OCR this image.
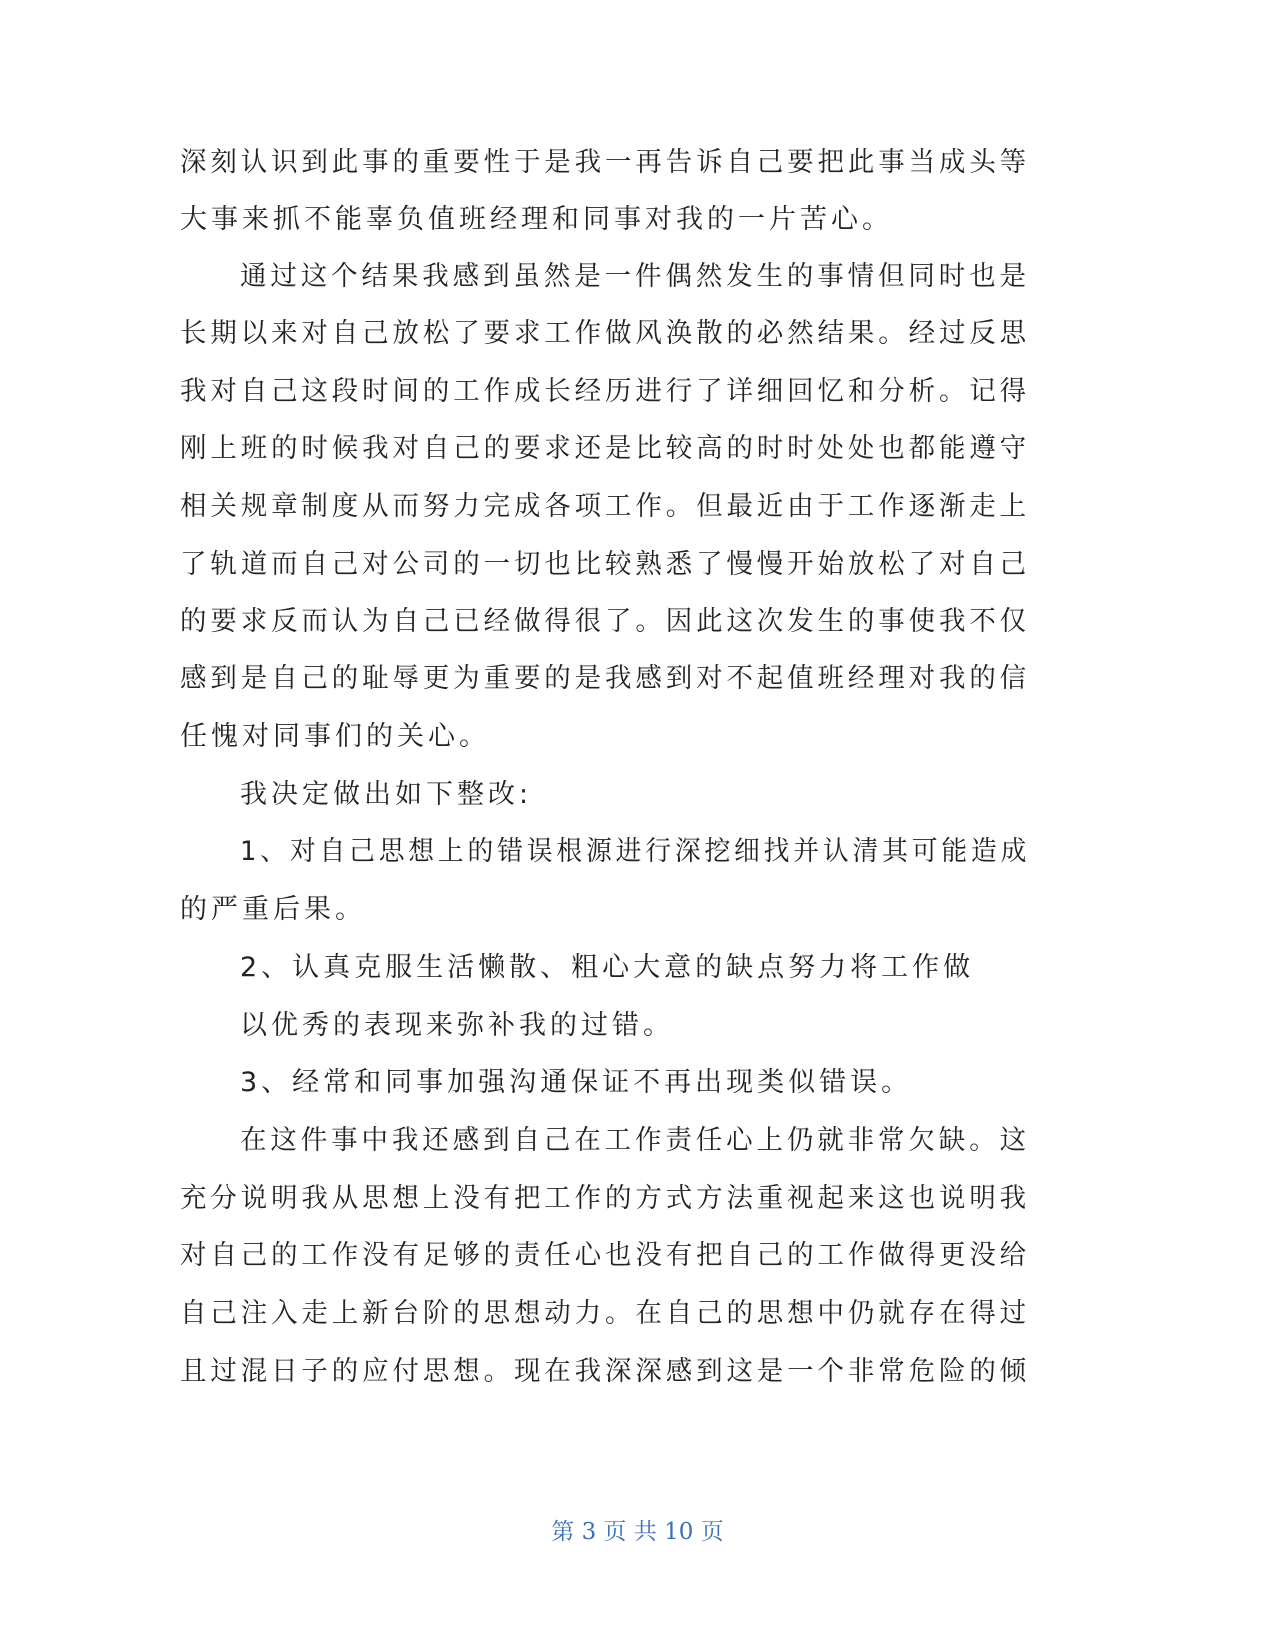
深刻认识到此事的重要性于是我一再告诉自己要把此事当成头等
大事来抓不能辜负值班经理和同事对我的一片苦心。
通过这个结果我感到虽然是一件偶然发生的事情但同时也是
长期以来对自己放松了要求工作做风涣散的必然结果。经过反思
我对自己这段时间的工作成长经历进行了详细回忆和分析。记得
刚上班的时候我对自己的要求还是比较高的时时处处也都能遵守
相关规章制度从而努力完成各项工作。但最近由于工作逐渐走上
了轨道而自己对公司的一切也比较熟悉了慢慢开始放松了对自己
的要求反而认为自己已经做得很了。因此这次发生的事使我不仅
感到是自己的耻辱更为重要的是我感到对不起值班经理对我的信
任愧对同事们的关心。
我决定做出如下整改:
1、对自己思想上的错误根源进行深挖细找并认清其可能造成
的严重后果。
2、认真克服生活懒散、粗心大意的缺点努力将工作做
以优秀的表现来弥补我的过错。
3、经常和同事加强沟通保证不再出现类似错误。
在这件事中我还感到自己在工作责任心上仍就非常欠缺。这
充分说明我从思想上没有把工作的方式方法重视起来这也说明我
对自己的工作没有足够的责任心也没有把自己的工作做得更没给
自己注入走上新台阶的思想动力。在自己的思想中仍就存在得过
且过混日子的应付思想。现在我深深感到这是一个非常危险的倾
第 3 页 共 10 页
